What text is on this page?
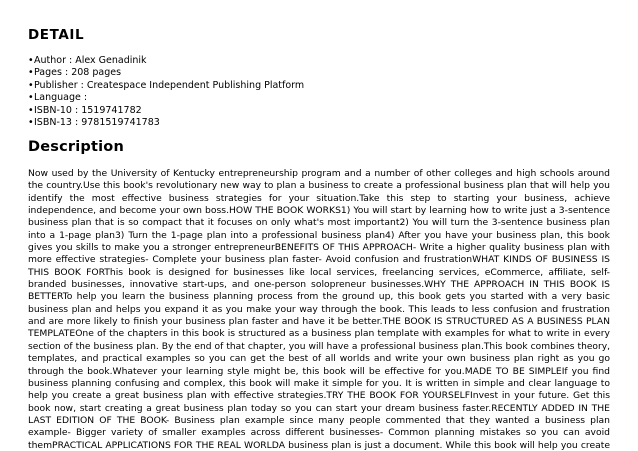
DETAIL
• Author : Alex Genadinik
• Pages : 208 pages
• Publisher : Createspace Independent Publishing Platform
• Language :
• ISBN-10 : 1519741782
• ISBN-13 : 9781519741783
Description

Now used by the University of Kentucky entrepreneurship program and a number of other colleges and high schools around
the country.Use this book's revolutionary new way to plan a business to create a professional business plan that will help you
identify the most effective business strategies for your situation.Take this step to starting your business, achieve
independence, and become your own boss.HOW THE BOOK WORKS1) You will start by learning how to write just a 3-sentence
business plan that is so compact that it focuses on only what's most important2) You will turn the 3-sentence business plan
into a 1-page plan3) Turn the 1-page plan into a professional business plan4) After you have your business plan, this book
gives you skills to make you a stronger entrepreneurBENEFITS OF THIS APPROACH- Write a higher quality business plan with
more effective strategies- Complete your business plan faster- Avoid confusion and frustrationWHAT KINDS OF BUSINESS IS
THIS BOOK FORThis book is designed for businesses like local services, freelancing services, eCommerce, affiliate, self-
branded businesses, innovative start-ups, and one-person solopreneur businesses.WHY THE APPROACH IN THIS BOOK IS
BETTERTo help you learn the business planning process from the ground up, this book gets you started with a very basic
business plan and helps you expand it as you make your way through the book. This leads to less confusion and frustration
and are more likely to finish your business plan faster and have it be better.THE BOOK IS STRUCTURED AS A BUSINESS PLAN
TEMPLATEOne of the chapters in this book is structured as a business plan template with examples for what to write in every
section of the business plan. By the end of that chapter, you will have a professional business plan.This book combines theory,
templates, and practical examples so you can get the best of all worlds and write your own business plan right as you go
through the book.Whatever your learning style might be, this book will be effective for you.MADE TO BE SIMPLEIf you find
business planning confusing and complex, this book will make it simple for you. It is written in simple and clear language to
help you create a great business plan with effective strategies.TRY THE BOOK FOR YOURSELFInvest in your future. Get this
book now, start creating a great business plan today so you can start your dream business faster.RECENTLY ADDED IN THE
LAST EDITION OF THE BOOK- Business plan example since many people commented that they wanted a business plan
example- Bigger variety of smaller examples across different businesses- Common planning mistakes so you can avoid
themPRACTICAL APPLICATIONS FOR THE REAL WORLDA business plan is just a document. While this book will help you create
